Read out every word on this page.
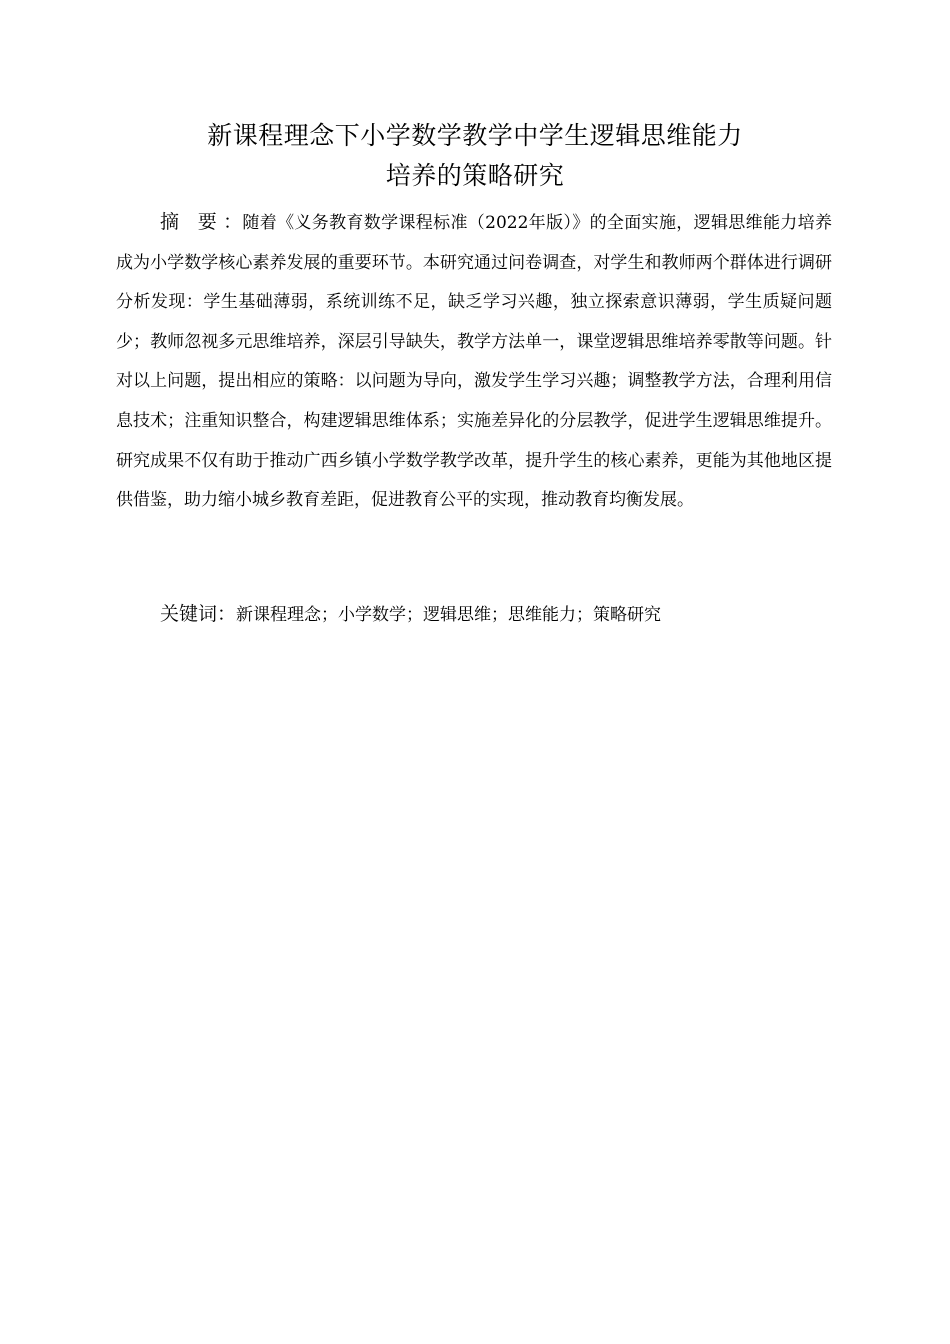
新课程理念下小学数学教学中学生逻辑思维能力
培养的策略研究

摘 要：随着《义务教育数学课程标准（2022年版）》的全面实施，逻辑思维能力培养成为小学数学核心素养发展的重要环节。本研究通过问卷调查，对学生和教师两个群体进行调研分析发现：学生基础薄弱，系统训练不足，缺乏学习兴趣，独立探索意识薄弱，学生质疑问题少；教师忽视多元思维培养，深层引导缺失，教学方法单一，课堂逻辑思维培养零散等问题。针对以上问题，提出相应的策略：以问题为导向，激发学生学习兴趣；调整教学方法，合理利用信息技术；注重知识整合，构建逻辑思维体系；实施差异化的分层教学，促进学生逻辑思维提升。研究成果不仅有助于推动广西乡镇小学数学教学改革，提升学生的核心素养，更能为其他地区提供借鉴，助力缩小城乡教育差距，促进教育公平的实现，推动教育均衡发展。

关键词：新课程理念；小学数学；逻辑思维；思维能力；策略研究
